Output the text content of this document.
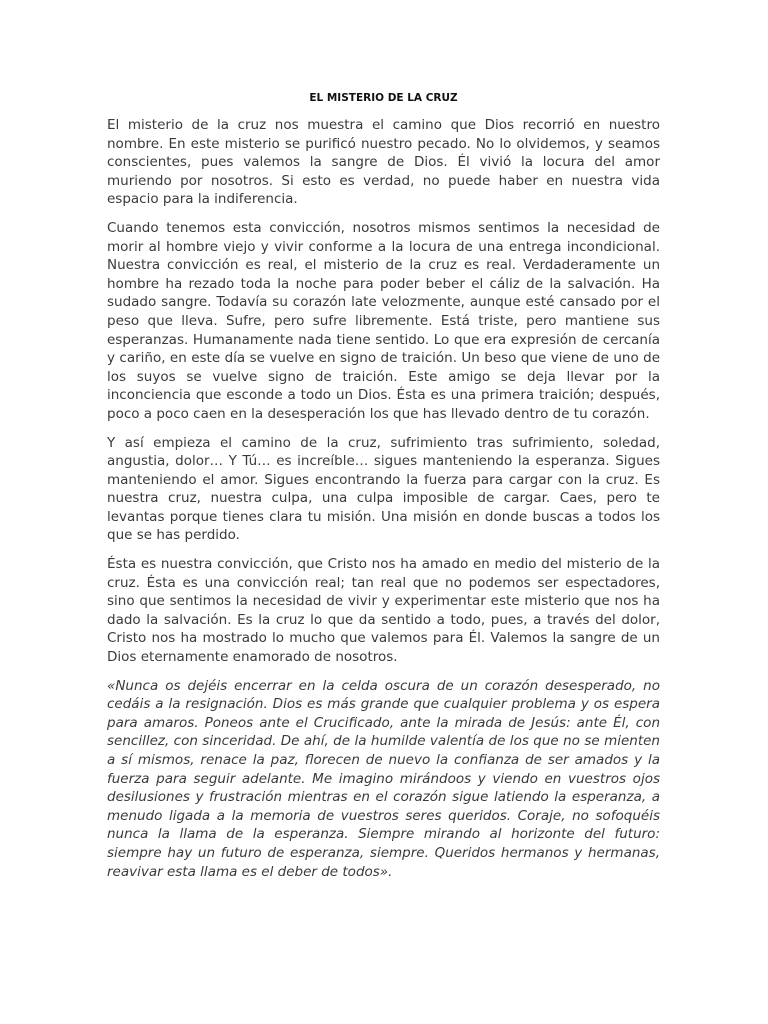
EL MISTERIO DE LA CRUZ

El misterio de la cruz nos muestra el camino que Dios recorrió en nuestro nombre. En este misterio se purificó nuestro pecado. No lo olvidemos, y seamos conscientes, pues valemos la sangre de Dios. Él vivió la locura del amor muriendo por nosotros. Si esto es verdad, no puede haber en nuestra vida espacio para la indiferencia.

Cuando tenemos esta convicción, nosotros mismos sentimos la necesidad de morir al hombre viejo y vivir conforme a la locura de una entrega incondicional. Nuestra convicción es real, el misterio de la cruz es real. Verdaderamente un hombre ha rezado toda la noche para poder beber el cáliz de la salvación. Ha sudado sangre. Todavía su corazón late velozmente, aunque esté cansado por el peso que lleva. Sufre, pero sufre libremente. Está triste, pero mantiene sus esperanzas. Humanamente nada tiene sentido. Lo que era expresión de cercanía y cariño, en este día se vuelve en signo de traición. Un beso que viene de uno de los suyos se vuelve signo de traición. Este amigo se deja llevar por la inconciencia que esconde a todo un Dios. Ésta es una primera traición; después, poco a poco caen en la desesperación los que has llevado dentro de tu corazón.

Y así empieza el camino de la cruz, sufrimiento tras sufrimiento, soledad, angustia, dolor… Y Tú… es increíble… sigues manteniendo la esperanza. Sigues manteniendo el amor. Sigues encontrando la fuerza para cargar con la cruz. Es nuestra cruz, nuestra culpa, una culpa imposible de cargar. Caes, pero te levantas porque tienes clara tu misión. Una misión en donde buscas a todos los que se has perdido.

Ésta es nuestra convicción, que Cristo nos ha amado en medio del misterio de la cruz. Ésta es una convicción real; tan real que no podemos ser espectadores, sino que sentimos la necesidad de vivir y experimentar este misterio que nos ha dado la salvación. Es la cruz lo que da sentido a todo, pues, a través del dolor, Cristo nos ha mostrado lo mucho que valemos para Él. Valemos la sangre de un Dios eternamente enamorado de nosotros.

«Nunca os dejéis encerrar en la celda oscura de un corazón desesperado, no cedáis a la resignación. Dios es más grande que cualquier problema y os espera para amaros. Poneos ante el Crucificado, ante la mirada de Jesús: ante Él, con sencillez, con sinceridad. De ahí, de la humilde valentía de los que no se mienten a sí mismos, renace la paz, florecen de nuevo la confianza de ser amados y la fuerza para seguir adelante. Me imagino mirándoos y viendo en vuestros ojos desilusiones y frustración mientras en el corazón sigue latiendo la esperanza, a menudo ligada a la memoria de vuestros seres queridos. Coraje, no sofoquéis nunca la llama de la esperanza. Siempre mirando al horizonte del futuro: siempre hay un futuro de esperanza, siempre. Queridos hermanos y hermanas, reavivar esta llama es el deber de todos».
